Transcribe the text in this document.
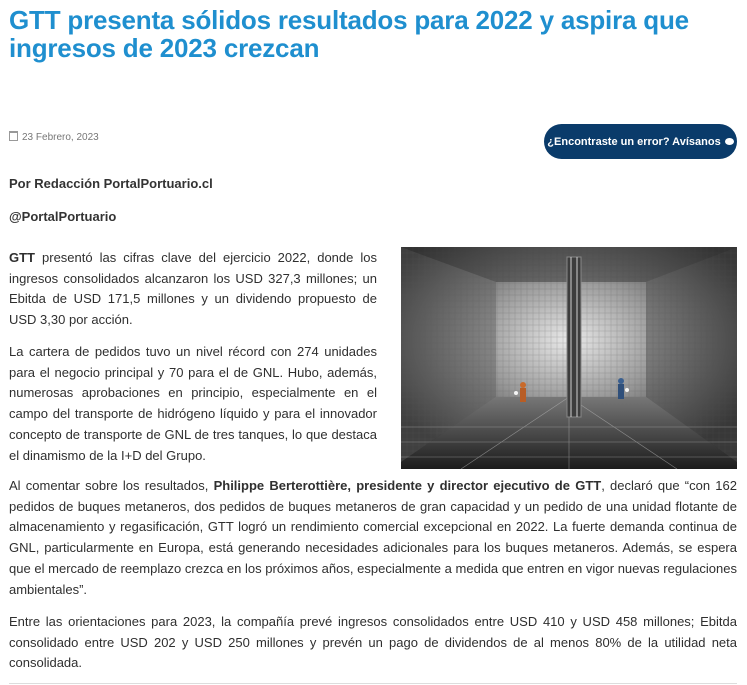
GTT presenta sólidos resultados para 2022 y aspira que ingresos de 2023 crezcan
23 Febrero, 2023	¿Encontraste un error? Avísanos
Por Redacción PortalPortuario.cl
@PortalPortuario

GTT presentó las cifras clave del ejercicio 2022, donde los ingresos consolidados alcanzaron los USD 327,3 millones; un Ebitda de USD 171,5 millones y un dividendo propuesto de USD 3,30 por acción.

La cartera de pedidos tuvo un nivel récord con 274 unidades para el negocio principal y 70 para el de GNL. Hubo, además, numerosas aprobaciones en principio, especialmente en el campo del transporte de hidrógeno líquido y para el innovador concepto de transporte de GNL de tres tanques, lo que destaca el dinamismo de la I+D del Grupo.

Al comentar sobre los resultados, Philippe Berterottière, presidente y director ejecutivo de GTT, declaró que “con 162 pedidos de buques metaneros, dos pedidos de buques metaneros de gran capacidad y un pedido de una unidad flotante de almacenamiento y regasificación, GTT logró un rendimiento comercial excepcional en 2022. La fuerte demanda continua de GNL, particularmente en Europa, está generando necesidades adicionales para los buques metaneros. Además, se espera que el mercado de reemplazo crezca en los próximos años, especialmente a medida que entren en vigor nuevas regulaciones ambientales”.

Entre las orientaciones para 2023, la compañía prevé ingresos consolidados entre USD 410 y USD 458 millones; Ebitda consolidado entre USD 202 y USD 250 millones y prevén un pago de dividendos de al menos 80% de la utilidad neta consolidada.
